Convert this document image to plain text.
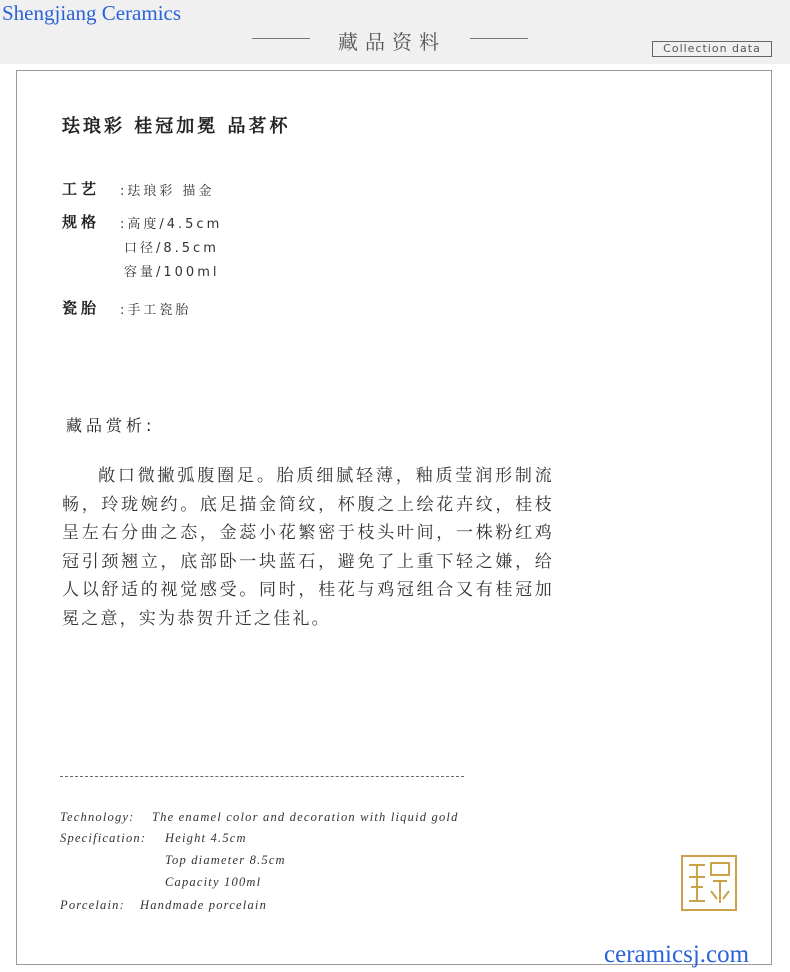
Shengjiang Ceramics
藏品资料	Collection data
珐琅彩 桂冠加冕 品茗杯
工艺 :珐琅彩 描金
规格 :高度/4.5cm
口径/8.5cm
容量/100ml
瓷胎 :手工瓷胎
藏品赏析:
敞口微撇弧腹圈足。胎质细腻轻薄，釉质莹润形制流畅，玲珑婉约。底足描金简纹，杯腹之上绘花卉纹，桂枝呈左右分曲之态，金蕊小花繁密于枝头叶间，一株粉红鸡冠引颈翘立，底部卧一块蓝石，避免了上重下轻之嫌，给人以舒适的视觉感受。同时，桂花与鸡冠组合又有桂冠加冕之意，实为恭贺升迁之佳礼。
Technology: The enamel color and decoration with liquid gold
Specification: Height 4.5cm
Top diameter 8.5cm
Capacity 100ml
Porcelain: Handmade porcelain
ceramicsj.com
